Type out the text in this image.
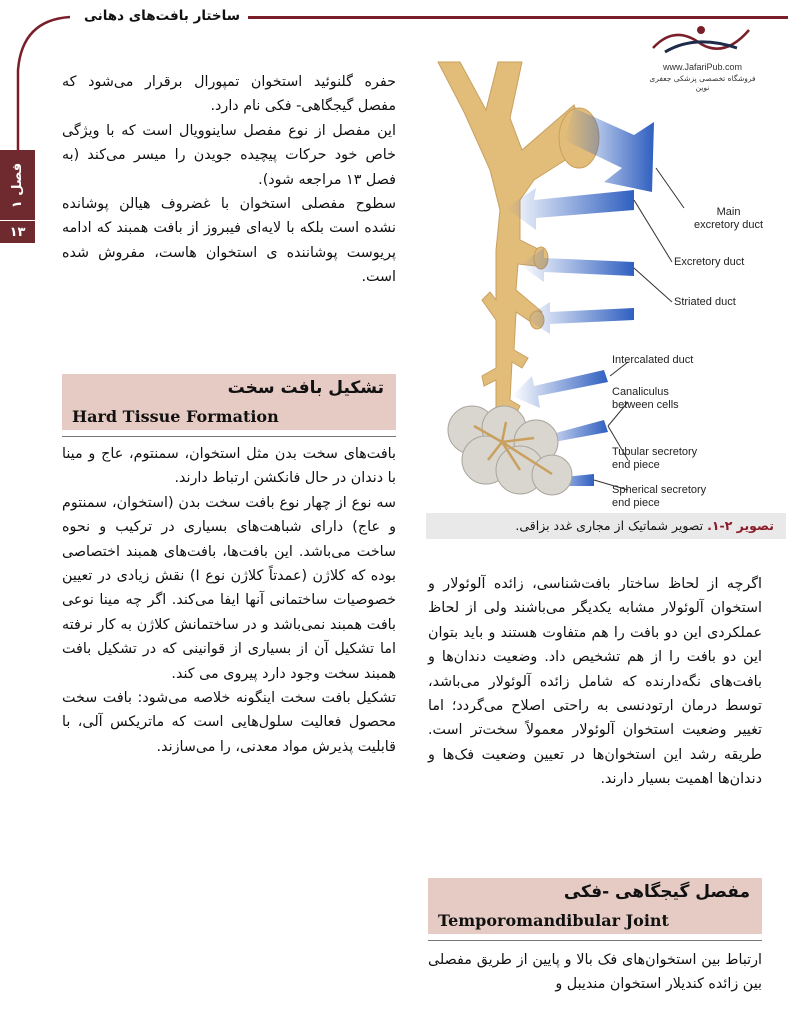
ساختار بافت‌های دهانی
فصل ۱
۱۳
Main
excretory duct
Excretory duct
Striated duct
Intercalated duct
Canaliculus
between cells
Tubular secretory
end piece
Spherical secretory
end piece
www.JafariPub.com
فروشگاه تخصصی پزشکی جعفری نوین
تصویر ۲-۱. تصویر شماتیک از مجاری غدد بزاقی.

حفره گلنوئید استخوان تمپورال برقرار می‌شود که مفصل گیجگاهی- فکی نام دارد.

این مفصل از نوع مفصل ساینوویال است که با ویژگی خاص خود حرکات پیچیده جویدن را میسر می‌کند (به فصل ۱۳ مراجعه شود).

سطوح مفصلی استخوان با غضروف هیالن پوشانده نشده است بلکه با لایه‌ای فیبروز از بافت همبند که ادامه پریوست پوشاننده ی استخوان هاست، مفروش شده است.

تشکیل بافت سخت
Hard Tissue Formation

بافت‌های سخت بدن مثل استخوان، سمنتوم، عاج و مینا با دندان در حال فانکشن ارتباط دارند.

سه نوع از چهار نوع بافت سخت بدن (استخوان، سمنتوم و عاج) دارای شباهت‌های بسیاری در ترکیب و نحوه ساخت می‌باشد. این بافت‌ها، بافت‌های همبند اختصاصی بوده که کلاژن (عمدتاً کلاژن نوع I) نقش زیادی در تعیین خصوصیات ساختمانی آنها ایفا می‌کند. اگر چه مینا نوعی بافت همبند نمی‌باشد و در ساختمانش کلاژن به کار نرفته اما تشکیل آن از بسیاری از قوانینی که در تشکیل بافت همبند سخت وجود دارد پیروی می کند.

تشکیل بافت سخت اینگونه خلاصه می‌شود: بافت سخت محصول فعالیت سلول‌هایی است که ماتریکس آلی، با قابلیت پذیرش مواد معدنی، را می‌سازند.

اگرچه از لحاظ ساختار بافت‌شناسی، زائده آلوئولار و استخوان آلوئولار مشابه یکدیگر می‌باشند ولی از لحاظ عملکردی این دو بافت را هم متفاوت هستند و باید بتوان این دو بافت را از هم تشخیص داد. وضعیت دندان‌ها و بافت‌های نگه‌دارنده که شامل زائده آلوئولار می‌باشد، توسط درمان ارتودنسی به راحتی اصلاح می‌گردد؛ اما تغییر وضعیت استخوان آلوئولار معمولاً سخت‌تر است. طریقه رشد این استخوان‌ها در تعیین وضعیت فک‌ها و دندان‌ها اهمیت بسیار دارند.

مفصل گیجگاهی -فکی
Temporomandibular Joint

ارتباط بین استخوان‌های فک بالا و پایین از طریق مفصلی بین زائده کندیلار استخوان مندیبل و
